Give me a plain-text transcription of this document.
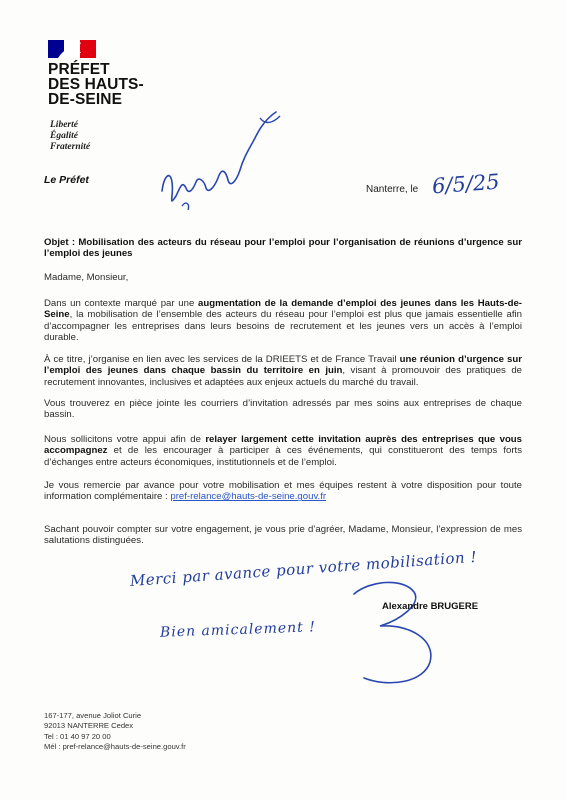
PRÉFET
DES HAUTS-
DE-SEINE
Liberté
Égalité
Fraternité
Le Préfet
Nanterre, le 6/5/25
Objet : Mobilisation des acteurs du réseau pour l’emploi pour l’organisation de réunions d’urgence sur l’emploi des jeunes
Madame, Monsieur,
Dans un contexte marqué par une augmentation de la demande d’emploi des jeunes dans les Hauts-de-Seine, la mobilisation de l’ensemble des acteurs du réseau pour l’emploi est plus que jamais essentielle afin d’accompagner les entreprises dans leurs besoins de recrutement et les jeunes vers un accès à l’emploi durable.
À ce titre, j’organise en lien avec les services de la DRIEETS et de France Travail une réunion d’urgence sur l’emploi des jeunes dans chaque bassin du territoire en juin, visant à promouvoir des pratiques de recrutement innovantes, inclusives et adaptées aux enjeux actuels du marché du travail.
Vous trouverez en pièce jointe les courriers d’invitation adressés par mes soins aux entreprises de chaque bassin.
Nous sollicitons votre appui afin de relayer largement cette invitation auprès des entreprises que vous accompagnez et de les encourager à participer à ces événements, qui constitueront des temps forts d’échanges entre acteurs économiques, institutionnels et de l’emploi.
Je vous remercie par avance pour votre mobilisation et mes équipes restent à votre disposition pour toute information complémentaire : pref-relance@hauts-de-seine.gouv.fr
Sachant pouvoir compter sur votre engagement, je vous prie d’agréer, Madame, Monsieur, l’expression de mes salutations distinguées.
Merci par avance pour votre mobilisation !
Bien amicalement !
Alexandre BRUGERE
167-177, avenue Joliot Curie
92013 NANTERRE Cedex
Tel : 01 40 97 20 00
Mél : pref-relance@hauts-de-seine.gouv.fr
